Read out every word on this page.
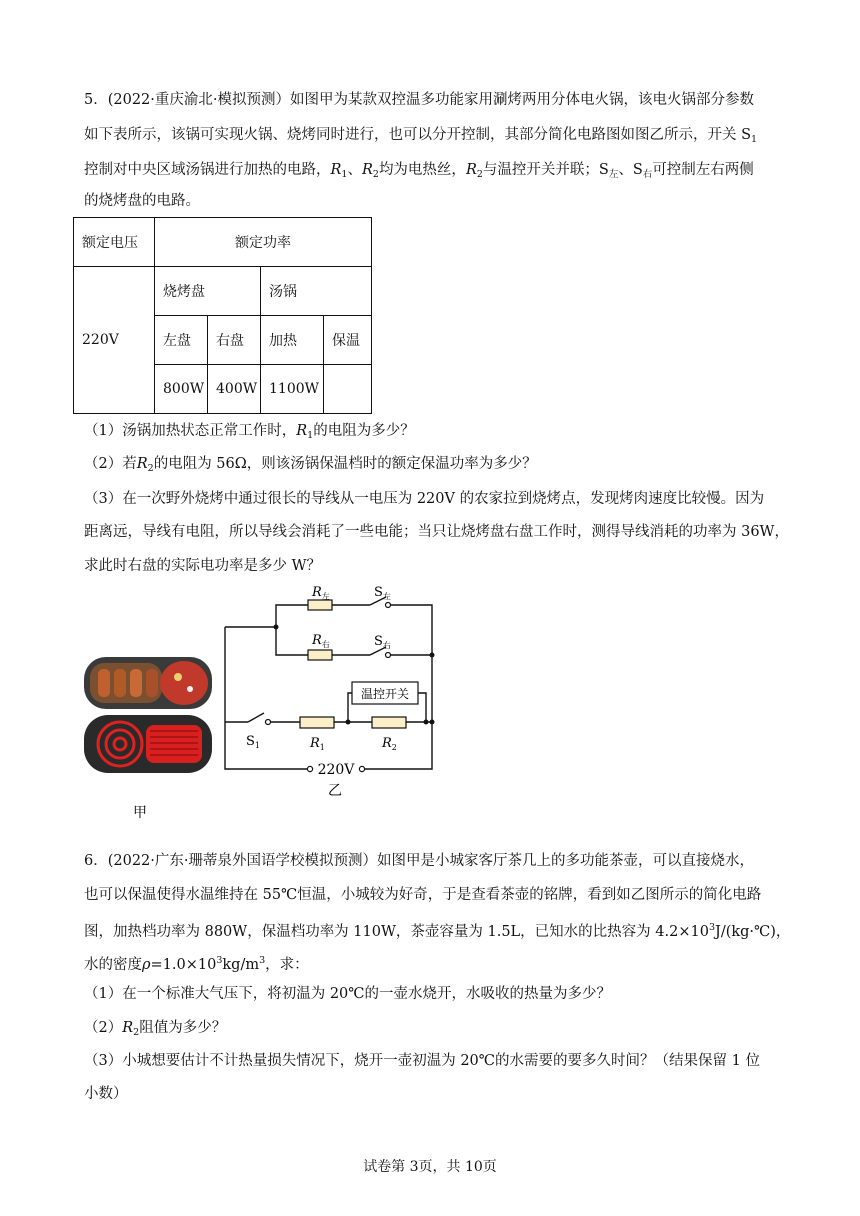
5．(2022·重庆渝北·模拟预测）如图甲为某款双控温多功能家用涮烤两用分体电火锅，该电火锅部分参数
如下表所示，该锅可实现火锅、烧烤同时进行，也可以分开控制，其部分简化电路图如图乙所示，开关 $S_1$
控制对中央区域汤锅进行加热的电路，$R_1$、$R_2$均为电热丝，$R_2$与温控开关并联；$S_左$、$S_右$可控制左右两侧
的烧烤盘的电路。
额定电压	额定功率			
220V	烧烤盘		汤锅	
	左盘	右盘	加热	保温
	800W	400W	1100W	
（1）汤锅加热状态正常工作时，$R_1$的电阻为多少？
（2）若$R_2$的电阻为 56Ω，则该汤锅保温档时的额定保温功率为多少？
（3）在一次野外烧烤中通过很长的导线从一电压为 220V 的农家拉到烧烤点，发现烤肉速度比较慢。因为
距离远，导线有电阻，所以导线会消耗了一些电能；当只让烧烤盘右盘工作时，测得导线消耗的功率为 36W，
求此时右盘的实际电功率是多少 W？
甲
$R_左$	$S_左$
$R_右$	$S_右$
温控开关
$S_1$	$R_1$	$R_2$
220V
乙
6．(2022·广东·珊蒂泉外国语学校模拟预测）如图甲是小城家客厅茶几上的多功能茶壶，可以直接烧水，
也可以保温使得水温维持在 55℃恒温，小城较为好奇，于是查看茶壶的铭牌，看到如乙图所示的简化电路
图，加热档功率为 880W，保温档功率为 110W，茶壶容量为 1.5L，已知水的比热容为 $4.2\times 10^3J/(kg\cdot℃)$，
水的密度$\rho=1.0\times 10^3kg/m^3$，求：
（1）在一个标准大气压下，将初温为 20℃的一壶水烧开，水吸收的热量为多少？
$(2)R_2$阻值为多少？
（3）小城想要估计不计热量损失情况下，烧开一壶初温为 20℃的水需要的要多久时间？（结果保留 1 位
小数）
试卷第 3页，共 10页
